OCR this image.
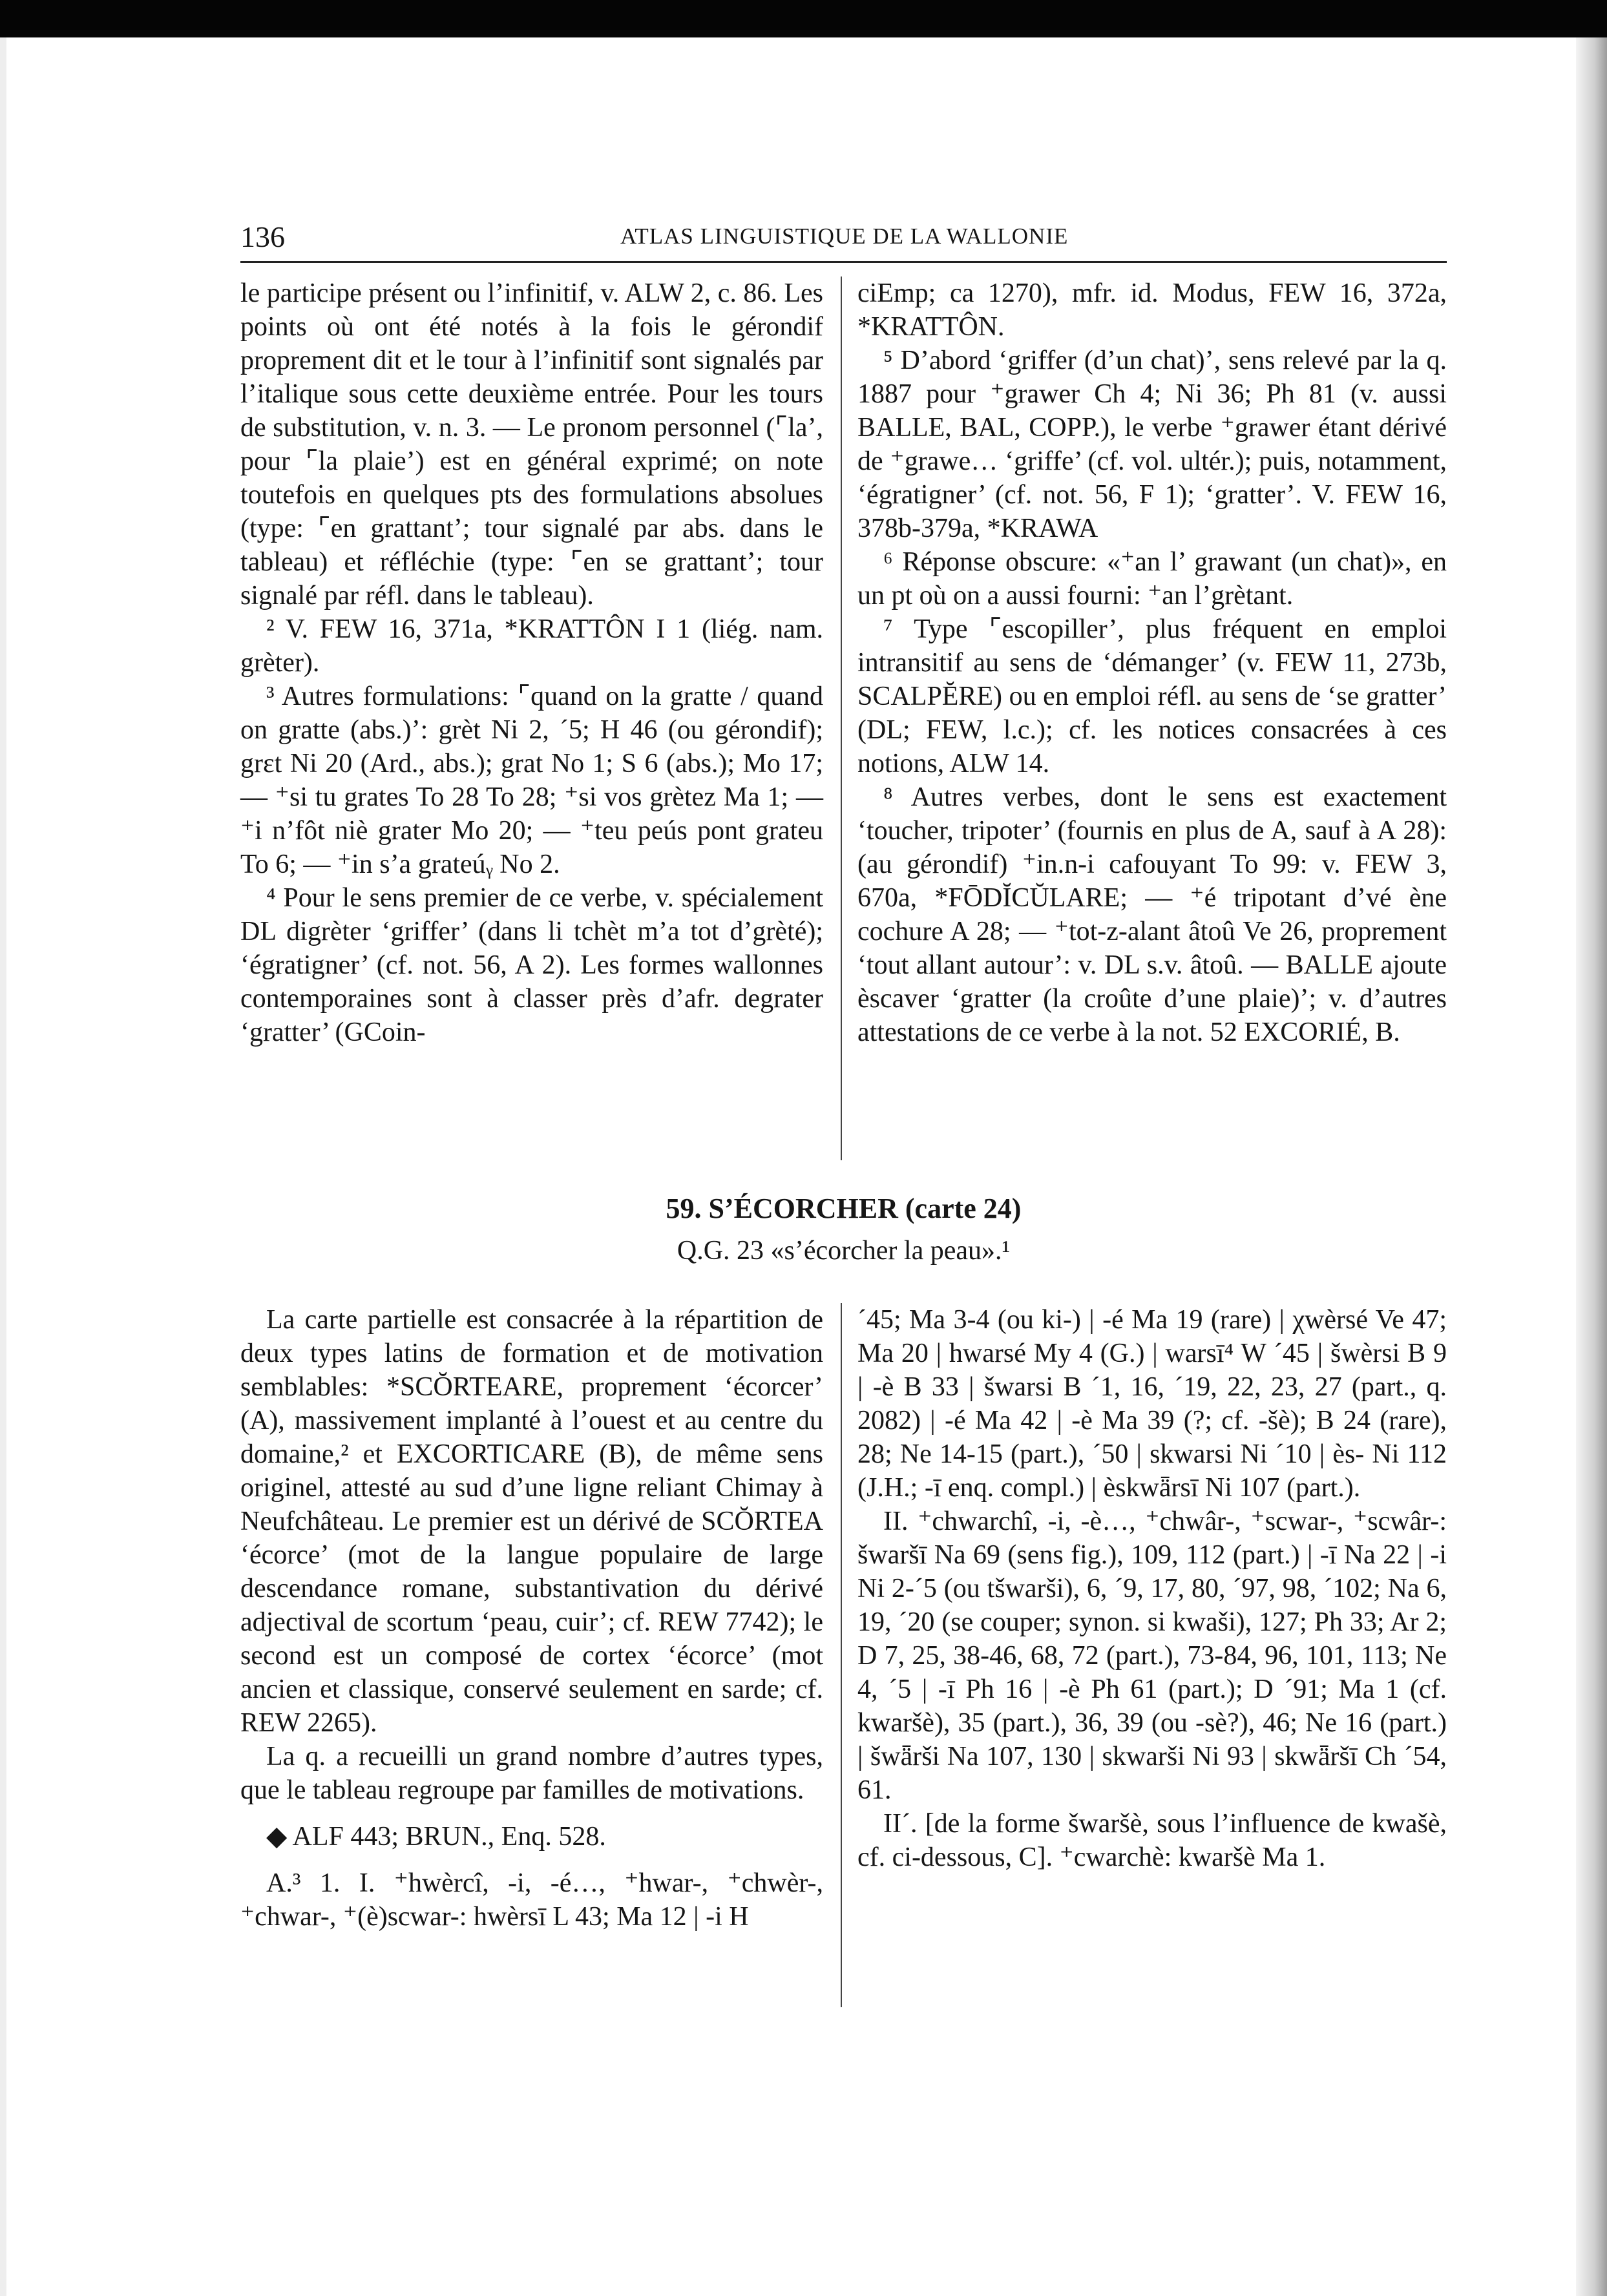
136	ATLAS LINGUISTIQUE DE LA WALLONIE

le participe présent ou l’infinitif, v. ALW 2, c. 86. Les points où ont été notés à la fois le gérondif proprement dit et le tour à l’infinitif sont signalés par l’italique sous cette deuxième entrée. Pour les tours de substitution, v. n. 3. — Le pronom personnel (⌜la’, pour ⌜la plaie’) est en général exprimé; on note toutefois en quelques pts des formulations absolues (type: ⌜en grattant’; tour signalé par abs. dans le tableau) et réfléchie (type: ⌜en se grattant’; tour signalé par réfl. dans le tableau).

² V. FEW 16, 371a, *KRATTÔN I 1 (liég. nam. grèter).

³ Autres formulations: ⌜quand on la gratte / quand on gratte (abs.)’: grèt Ni 2, ´5; H 46 (ou gérondif); grɛt Ni 20 (Ard., abs.); grat No 1; S 6 (abs.); Mo 17; — ⁺si tu grates To 28 To 28; ⁺si vos grètez Ma 1; — ⁺i n’fôt niè grater Mo 20; — ⁺teu peús pont grateu To 6; — ⁺in s’a grateúᵧ No 2.

⁴ Pour le sens premier de ce verbe, v. spécialement DL digrèter ‘griffer’ (dans li tchèt m’a tot d’grèté); ‘égratigner’ (cf. not. 56, A 2). Les formes wallonnes contemporaines sont à classer près d’afr. degrater ‘gratter’ (GCoin-

ciEmp; ca 1270), mfr. id. Modus, FEW 16, 372a, *KRATTÔN.

⁵ D’abord ‘griffer (d’un chat)’, sens relevé par la q. 1887 pour ⁺grawer Ch 4; Ni 36; Ph 81 (v. aussi BALLE, BAL, COPP.), le verbe ⁺grawer étant dérivé de ⁺grawe… ‘griffe’ (cf. vol. ultér.); puis, notamment, ‘égratigner’ (cf. not. 56, F 1); ‘gratter’. V. FEW 16, 378b-379a, *KRAWA

⁶ Réponse obscure: «⁺an l’ grawant (un chat)», en un pt où on a aussi fourni: ⁺an l’grètant.

⁷ Type ⌜escopiller’, plus fréquent en emploi intransitif au sens de ‘démanger’ (v. FEW 11, 273b, SCALPĔRE) ou en emploi réfl. au sens de ‘se gratter’ (DL; FEW, l.c.); cf. les notices consacrées à ces notions, ALW 14.

⁸ Autres verbes, dont le sens est exactement ‘toucher, tripoter’ (fournis en plus de A, sauf à A 28): (au gérondif) ⁺in.n-i cafouyant To 99: v. FEW 3, 670a, *FŌDĬCŬLARE; — ⁺é tripotant d’vé ène cochure A 28; — ⁺tot-z-alant âtoû Ve 26, proprement ‘tout allant autour’: v. DL s.v. âtoû. — BALLE ajoute èscaver ‘gratter (la croûte d’une plaie)’; v. d’autres attestations de ce verbe à la not. 52 EXCORIÉ, B.

59. S’ÉCORCHER (carte 24)
Q.G. 23 «s’écorcher la peau».¹

La carte partielle est consacrée à la répartition de deux types latins de formation et de motivation semblables: *SCŎRTEARE, proprement ‘écorcer’ (A), massivement implanté à l’ouest et au centre du domaine,² et EXCORTICARE (B), de même sens originel, attesté au sud d’une ligne reliant Chimay à Neufchâteau. Le premier est un dérivé de SCŎRTEA ‘écorce’ (mot de la langue populaire de large descendance romane, substantivation du dérivé adjectival de scortum ‘peau, cuir’; cf. REW 7742); le second est un composé de cortex ‘écorce’ (mot ancien et classique, conservé seulement en sarde; cf. REW 2265).

La q. a recueilli un grand nombre d’autres types, que le tableau regroupe par familles de motivations.

◆ ALF 443; BRUN., Enq. 528.

A.³ 1. I. ⁺hwèrcî, -i, -é…, ⁺hwar-, ⁺chwèr-, ⁺chwar-, ⁺(è)scwar-: hwèrsī L 43; Ma 12 | -i H

´45; Ma 3-4 (ou ki-) | -é Ma 19 (rare) | χwèrsé Ve 47; Ma 20 | hwarsé My 4 (G.) | warsī⁴ W ´45 | šwèrsi B 9 | -è B 33 | šwarsi B ´1, 16, ´19, 22, 23, 27 (part., q. 2082) | -é Ma 42 | -è Ma 39 (?; cf. -šè); B 24 (rare), 28; Ne 14-15 (part.), ´50 | skwarsi Ni ´10 | ès- Ni 112 (J.H.; -ī enq. compl.) | èskwǟrsī Ni 107 (part.).

II. ⁺chwarchî, -i, -è…, ⁺chwâr-, ⁺scwar-, ⁺scwâr-: šwaršī Na 69 (sens fig.), 109, 112 (part.) | -ī Na 22 | -i Ni 2-´5 (ou tšwarši), 6, ´9, 17, 80, ´97, 98, ´102; Na 6, 19, ´20 (se couper; synon. si kwaši), 127; Ph 33; Ar 2; D 7, 25, 38-46, 68, 72 (part.), 73-84, 96, 101, 113; Ne 4, ´5 | -ī Ph 16 | -è Ph 61 (part.); D ´91; Ma 1 (cf. kwaršè), 35 (part.), 36, 39 (ou -sè?), 46; Ne 16 (part.) | šwǟrši Na 107, 130 | skwarši Ni 93 | skwǟršī Ch ´54, 61.

II´. [de la forme šwaršè, sous l’influence de kwašè, cf. ci-dessous, C]. ⁺cwarchè: kwaršè Ma 1.
